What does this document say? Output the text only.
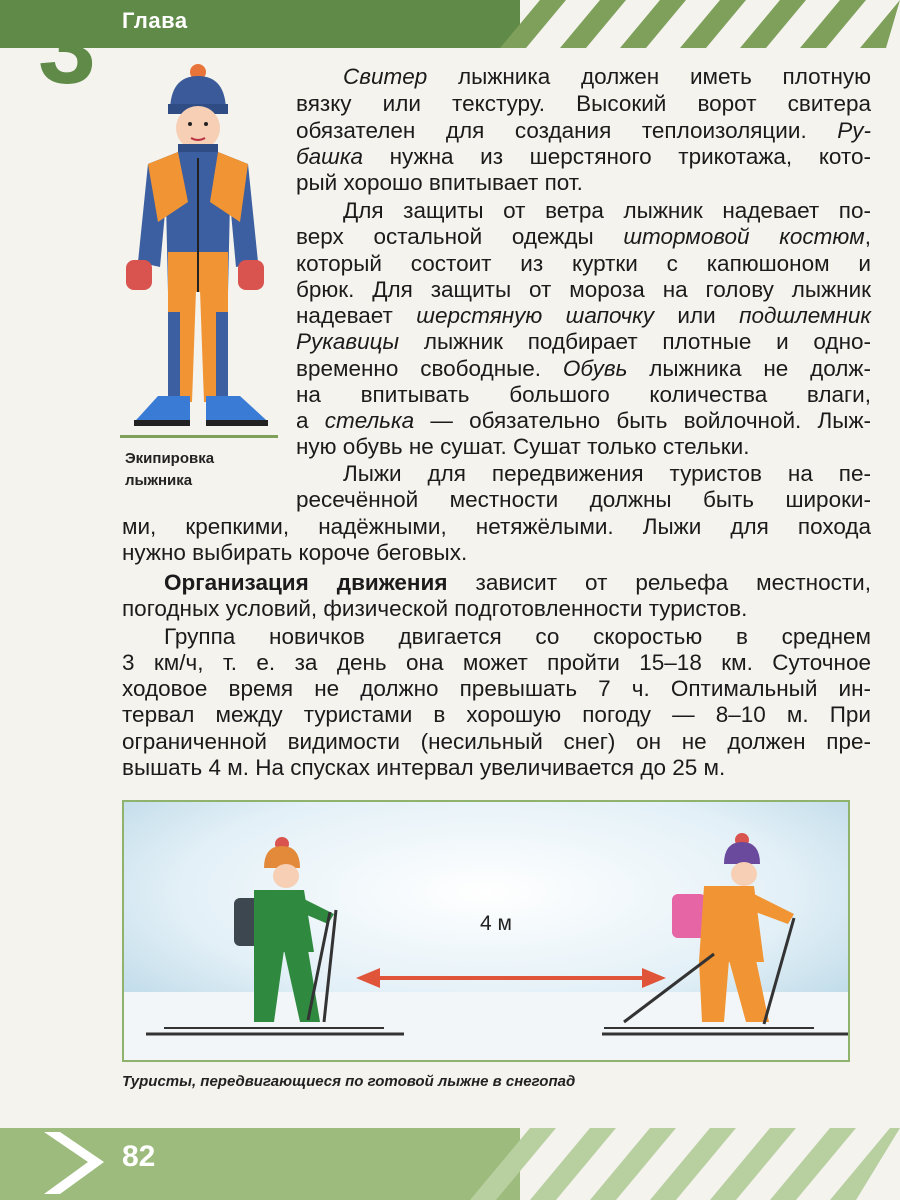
3 Глава
Экипировка
лыжника
Свитер лыжника должен иметь плотную
вязку или текстуру. Высокий ворот свитера
обязателен для создания теплоизоляции. Ру-
башка нужна из шерстяного трикотажа, кото-
рый хорошо впитывает пот.
Для защиты от ветра лыжник надевает по-
верх остальной одежды штормовой костюм,
который состоит из куртки с капюшоном и
брюк. Для защиты от мороза на голову лыжник
надевает шерстяную шапочку или подшлемник
Рукавицы лыжник подбирает плотные и одно-
временно свободные. Обувь лыжника не долж-
на впитывать большого количества влаги,
а стелька — обязательно быть войлочной. Лыж-
ную обувь не сушат. Сушат только стельки.
Лыжи для передвижения туристов на пе-
ресечённой местности должны быть широки-
ми, крепкими, надёжными, нетяжёлыми. Лыжи для похода
нужно выбирать короче беговых.
Организация движения зависит от рельефа местности,
погодных условий, физической подготовленности туристов.
Группа новичков двигается со скоростью в среднем
3 км/ч, т. е. за день она может пройти 15–18 км. Суточное
ходовое время не должно превышать 7 ч. Оптимальный ин-
тервал между туристами в хорошую погоду — 8–10 м. При
ограниченной видимости (несильный снег) он не должен пре-
вышать 4 м. На спусках интервал увеличивается до 25 м.
4 м
Туристы, передвигающиеся по готовой лыжне в снегопад
82
